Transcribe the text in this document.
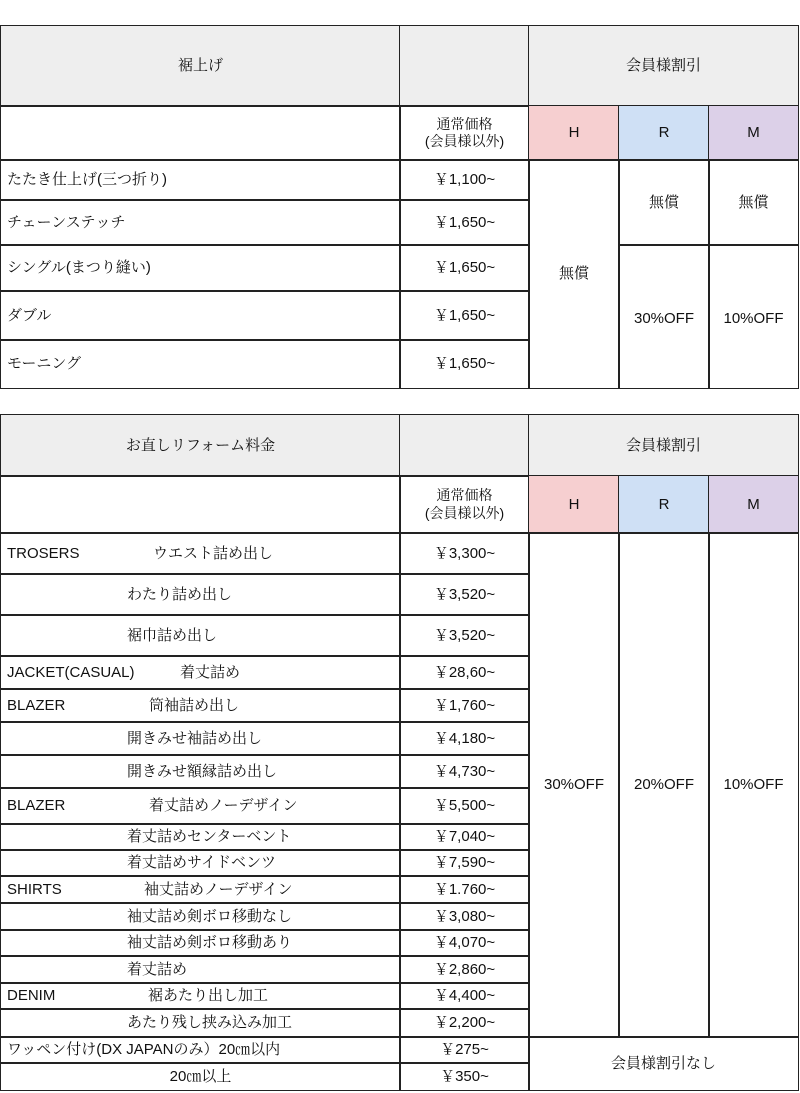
裾上げ	会員様割引
通常価格
(会員様以外)	H	R	M
たたき仕上げ(三つ折り)	￥1,100~
チェーンステッチ	￥1,650~
シングル(まつり縫い)	￥1,650~
ダブル	￥1,650~
モーニング	￥1,650~
無償
無償	無償
30%OFF	10%OFF
お直しリフォーム料金	会員様割引
通常価格
(会員様以外)	H	R	M
TROSERS	ウエスト詰め出し	￥3,300~
わたり詰め出し	￥3,520~
裾巾詰め出し	￥3,520~
JACKET(CASUAL)	着丈詰め	￥28,60~
BLAZER	筒袖詰め出し	￥1,760~
開きみせ袖詰め出し	￥4,180~
開きみせ額縁詰め出し	￥4,730~
BLAZER	着丈詰めノーデザイン	￥5,500~
着丈詰めセンターベント	￥7,040~
着丈詰めサイドベンツ	￥7,590~
SHIRTS	袖丈詰めノーデザイン	￥1.760~
袖丈詰め剣ボロ移動なし	￥3,080~
袖丈詰め剣ボロ移動あり	￥4,070~
着丈詰め	￥2,860~
DENIM	裾あたり出し加工	￥4,400~
あたり残し挟み込み加工	￥2,200~
30%OFF	20%OFF	10%OFF
ワッペン付け(DX JAPANのみ）20㎝以内	￥275~
20㎝以上	￥350~
会員様割引なし
